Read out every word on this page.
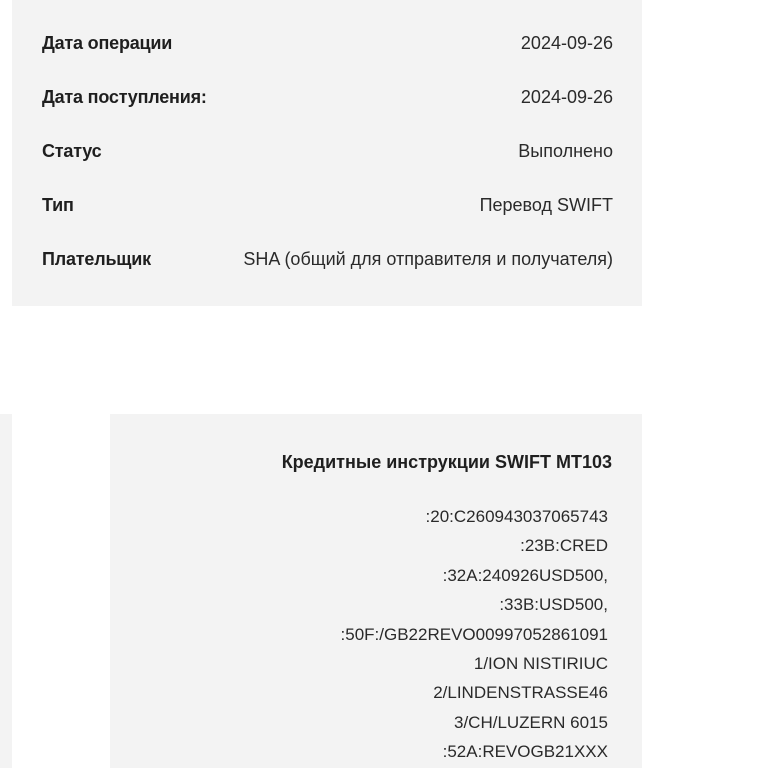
Дата операции	2024-09-26
Дата поступления:	2024-09-26
Статус	Выполнено
Тип	Перевод SWIFT
Плательщик	SHA (общий для отправителя и получателя)
Кредитные инструкции SWIFT MT103
:20:C260943037065743
:23B:CRED
:32A:240926USD500,
:33B:USD500,
:50F:/GB22REVO00997052861091
1/ION NISTIRIUC
2/LINDENSTRASSE46
3/CH/LUZERN 6015
:52A:REVOGB21XXX
